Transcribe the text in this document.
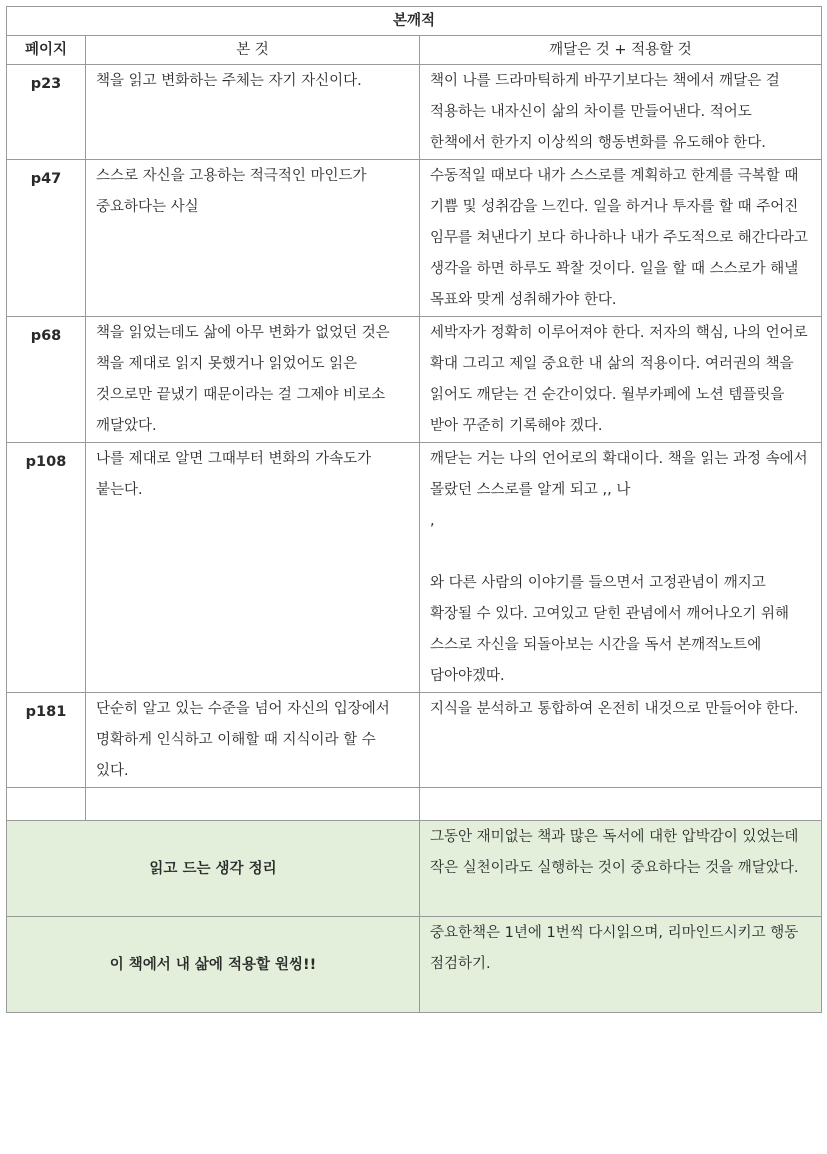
본깨적		
페이지	본 것	깨달은 것 + 적용할 것
p23	책을 읽고 변화하는 주체는 자기 자신이다.	책이 나를 드라마틱하게 바꾸기보다는 책에서 깨달은 걸 적용하는 내자신이 삶의 차이를 만들어낸다. 적어도 한책에서 한가지 이상씩의 행동변화를 유도해야 한다.

p47	스스로 자신을 고용하는 적극적인 마인드가 중요하다는 사실	수동적일 때보다 내가 스스로를 계획하고 한계를 극복할 때 기쁨 및 성취감을 느낀다. 일을 하거나 투자를 할 때 주어진 임무를 쳐낸다기 보다 하나하나 내가 주도적으로 해간다라고 생각을 하면 하루도 꽉찰 것이다. 일을 할 때 스스로가 해낼 목표와 맞게 성취해가야 한다.

p68	책을 읽었는데도 삶에 아무 변화가 없었던 것은 책을 제대로 읽지 못했거나 읽었어도 읽은 것으로만 끝냈기 때문이라는 걸 그제야 비로소 깨달았다.	세박자가 정확히 이루어져야 한다. 저자의 핵심, 나의 언어로 확대 그리고 제일 중요한 내 삶의 적용이다. 여러권의 책을 읽어도 깨닫는 건 순간이었다. 월부카페에 노션 템플릿을 받아 꾸준히 기록해야 겠다.

p108	나를 제대로 알면 그때부터 변화의 가속도가 붙는다.	깨닫는 거는 나의 언어로의 확대이다. 책을 읽는 과정 속에서 몰랐던 스스로를 알게 되고 ,, 나
,
와 다른 사람의 이야기를 들으면서 고정관념이 깨지고 확장될 수 있다. 고여있고 닫힌 관념에서 깨어나오기 위해 스스로 자신을 되돌아보는 시간을 독서 본깨적노트에 담아야겠따.

p181	단순히 알고 있는 수준을 넘어 자신의 입장에서 명확하게 인식하고 이해할 때 지식이라 할 수 있다.	지식을 분석하고 통합하여 온전히 내것으로 만들어야 한다.

읽고 드는 생각 정리		그동안 재미없는 책과 많은 독서에 대한 압박감이 있었는데 작은 실천이라도 실행하는 것이 중요하다는 것을 깨달았다.
이 책에서 내 삶에 적용할 원씽!!		중요한책은 1년에 1번씩 다시읽으며, 리마인드시키고 행동 점검하기.
